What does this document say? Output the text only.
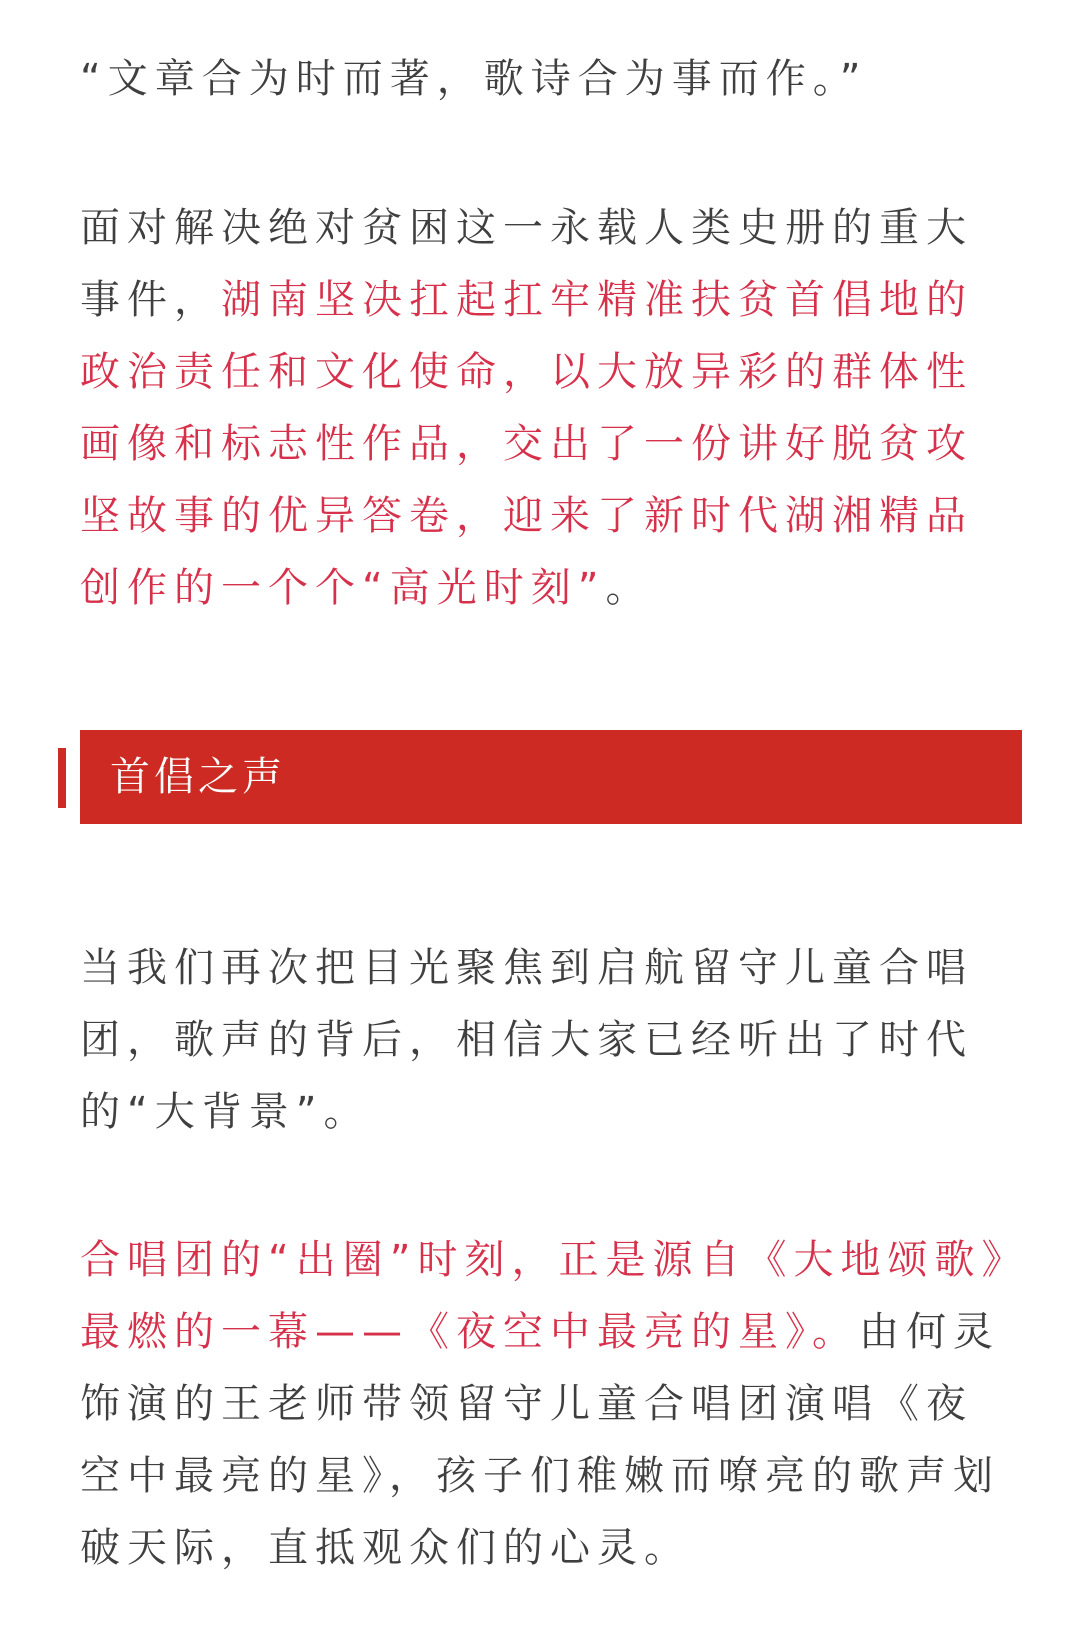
“文章合为时而著，歌诗合为事而作。”

面对解决绝对贫困这一永载人类史册的重大事件，湖南坚决扛起扛牢精准扶贫首倡地的政治责任和文化使命，以大放异彩的群体性画像和标志性作品，交出了一份讲好脱贫攻坚故事的优异答卷，迎来了新时代湖湘精品创作的一个个“高光时刻”。

首倡之声

当我们再次把目光聚焦到启航留守儿童合唱团，歌声的背后，相信大家已经听出了时代的“大背景”。

合唱团的“出圈”时刻，正是源自《大地颂歌》最燃的一幕——《夜空中最亮的星》。由何灵饰演的王老师带领留守儿童合唱团演唱《夜空中最亮的星》，孩子们稚嫩而嘹亮的歌声划破天际，直抵观众们的心灵。
